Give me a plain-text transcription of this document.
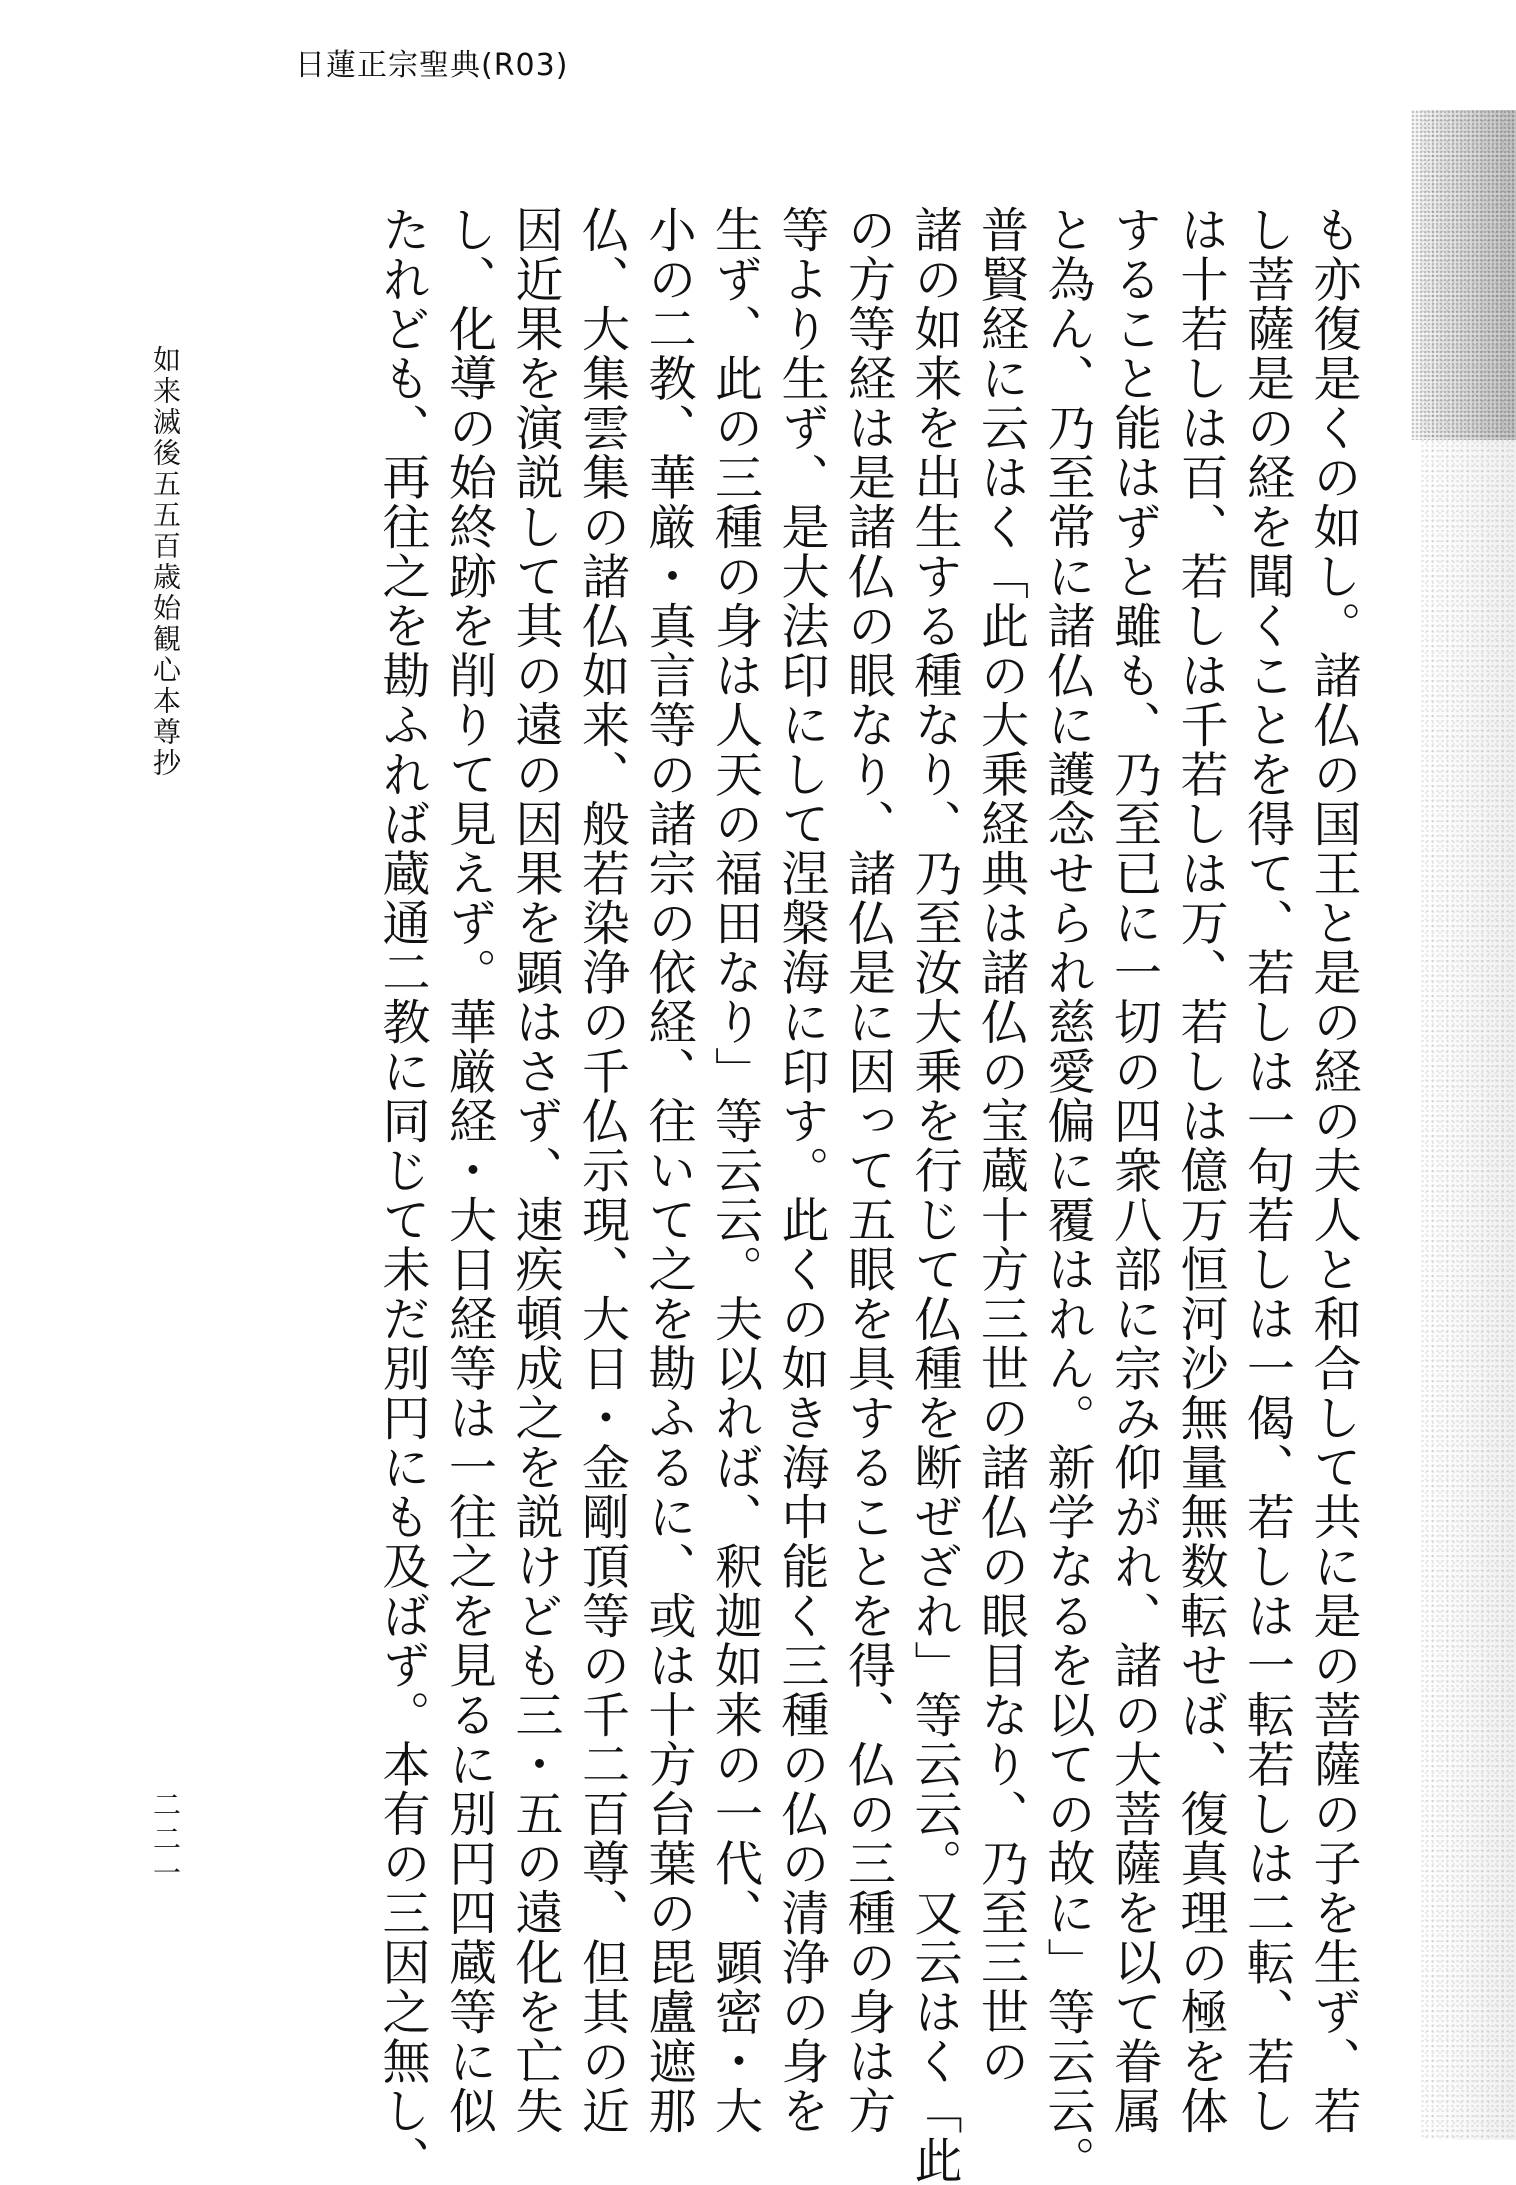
日蓮正宗聖典(R03)
も亦復是くの如し。諸仏の国王と是の経の夫人と和合して共に是の菩薩の子を生ず、若
し菩薩是の経を聞くことを得て、若しは一句若しは一偈、若しは一転若しは二転、若し
は十若しは百、若しは千若しは万、若しは億万恒河沙無量無数転せば、復真理の極を体
すること能はずと雖も、乃至已に一切の四衆八部に宗み仰がれ、諸の大菩薩を以て眷属
と為ん、乃至常に諸仏に護念せられ慈愛偏に覆はれん。新学なるを以ての故に」等云云。
普賢経に云はく「此の大乗経典は諸仏の宝蔵十方三世の諸仏の眼目なり、乃至三世の
諸の如来を出生する種なり、乃至汝大乗を行じて仏種を断ぜざれ」等云云。又云はく「此
の方等経は是諸仏の眼なり、諸仏是に因って五眼を具することを得、仏の三種の身は方
等より生ず、是大法印にして涅槃海に印す。此くの如き海中能く三種の仏の清浄の身を
生ず、此の三種の身は人天の福田なり」等云云。夫以れば、釈迦如来の一代、顕密・大
小の二教、華厳・真言等の諸宗の依経、往いて之を勘ふるに、或は十方台葉の毘盧遮那
仏、大集雲集の諸仏如来、般若染浄の千仏示現、大日・金剛頂等の千二百尊、但其の近
因近果を演説して其の遠の因果を顕はさず、速疾頓成之を説けども三・五の遠化を亡失
し、化導の始終跡を削りて見えず。華厳経・大日経等は一往之を見るに別円四蔵等に似
たれども、再往之を勘ふれば蔵通二教に同じて未だ別円にも及ばず。本有の三因之無し、
如来滅後五五百歳始観心本尊抄
二二一
